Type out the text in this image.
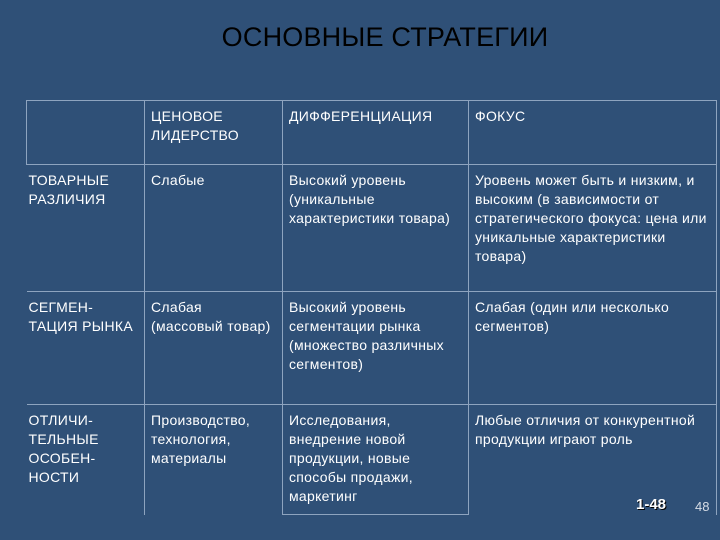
ОСНОВНЫЕ СТРАТЕГИИ
	ЦЕНОВОЕ ЛИДЕРСТВО	ДИФФЕРЕНЦИАЦИЯ	ФОКУС
ТОВАРНЫЕ РАЗЛИЧИЯ	Слабые	Высокий уровень (уникальные характеристики товара)	Уровень может быть и низким, и высоким (в зависимости от стратегического фокуса: цена или уникальные характеристики товара)
СЕГМЕН-ТАЦИЯ РЫНКА	Слабая (массовый товар)	Высокий уровень сегментации рынка (множество различных сегментов)	Слабая (один или несколько сегментов)
ОТЛИЧИ-ТЕЛЬНЫЕ ОСОБЕН-НОСТИ	Производство, технология, материалы	Исследования, внедрение новой продукции, новые способы продажи, маркетинг	Любые отличия от конкурентной продукции играют роль
1-48 48
